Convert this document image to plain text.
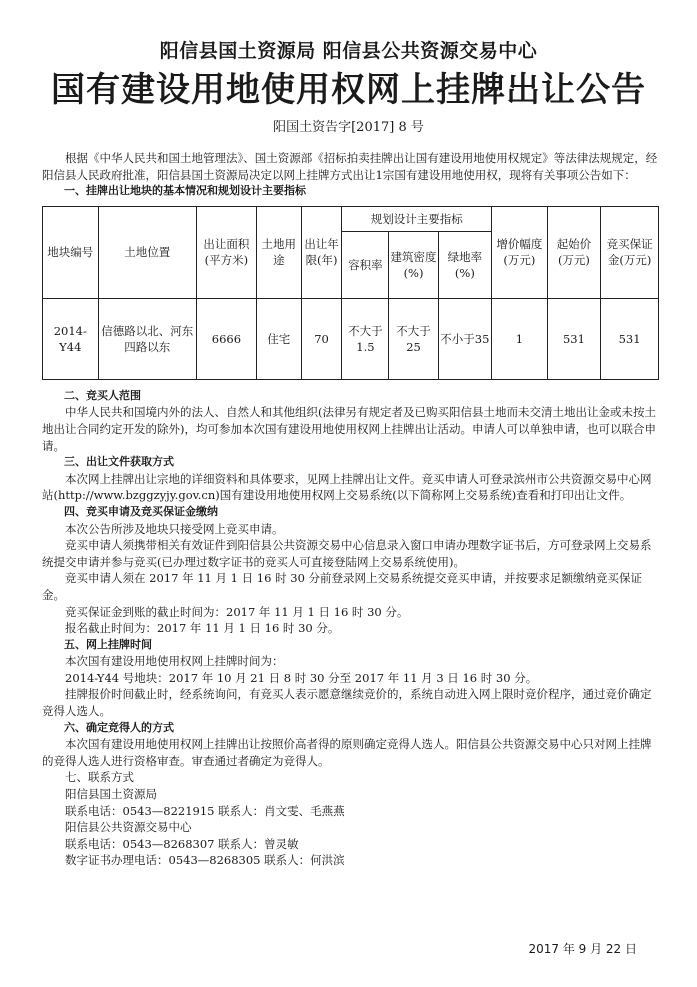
阳信县国土资源局 阳信县公共资源交易中心
国有建设用地使用权网上挂牌出让公告
阳国土资告字[2017] 8 号

根据《中华人民共和国土地管理法》、国土资源部《招标拍卖挂牌出让国有建设用地使用权规定》等法律法规规定，经阳信县人民政府批准，阳信县国土资源局决定以网上挂牌方式出让1宗国有建设用地使用权，现将有关事项公告如下：

一、挂牌出让地块的基本情况和规划设计主要指标

地块编号	土地位置	出让面积(平方米)	土地用途	出让年限(年)	规划设计主要指标			增价幅度(万元)	起始价(万元)	竞买保证金(万元)
					容积率	建筑密度(%)	绿地率(%)			
2014-Y44	信德路以北、河东四路以东	6666	住宅	70	不大于1.5	不大于25	不小于35	1	531	531

二、竞买人范围

中华人民共和国境内外的法人、自然人和其他组织(法律另有规定者及已购买阳信县土地而未交清土地出让金或未按土地出让合同约定开发的除外)，均可参加本次国有建设用地使用权网上挂牌出让活动。申请人可以单独申请，也可以联合申请。

三、出让文件获取方式

本次网上挂牌出让宗地的详细资料和具体要求，见网上挂牌出让文件。竞买申请人可登录滨州市公共资源交易中心网站(http://www.bzggzyjy.gov.cn)国有建设用地使用权网上交易系统(以下简称网上交易系统)查看和打印出让文件。

四、竞买申请及竞买保证金缴纳

本次公告所涉及地块只接受网上竞买申请。

竞买申请人须携带相关有效证件到阳信县公共资源交易中心信息录入窗口申请办理数字证书后，方可登录网上交易系统提交申请并参与竞买(已办理过数字证书的竞买人可直接登陆网上交易系统使用)。

竞买申请人须在 2017 年 11 月 1 日 16 时 30 分前登录网上交易系统提交竞买申请，并按要求足额缴纳竞买保证金。

竞买保证金到账的截止时间为：2017 年 11 月 1 日 16 时 30 分。

报名截止时间为：2017 年 11 月 1 日 16 时 30 分。

五、网上挂牌时间

本次国有建设用地使用权网上挂牌时间为：

2014-Y44 号地块：2017 年 10 月 21 日 8 时 30 分至 2017 年 11 月 3 日 16 时 30 分。

挂牌报价时间截止时，经系统询问，有竞买人表示愿意继续竞价的，系统自动进入网上限时竞价程序，通过竞价确定竞得人选人。

六、确定竞得人的方式

本次国有建设用地使用权网上挂牌出让按照价高者得的原则确定竞得人选人。阳信县公共资源交易中心只对网上挂牌的竞得人选人进行资格审查。审查通过者确定为竞得人。

七、联系方式

阳信县国土资源局

联系电话：0543—8221915 联系人：肖文雯、毛燕燕

阳信县公共资源交易中心

联系电话：0543—8268307 联系人：曾灵敏

数字证书办理电话：0543—8268305 联系人：何洪滨

2017 年 9 月 22 日
